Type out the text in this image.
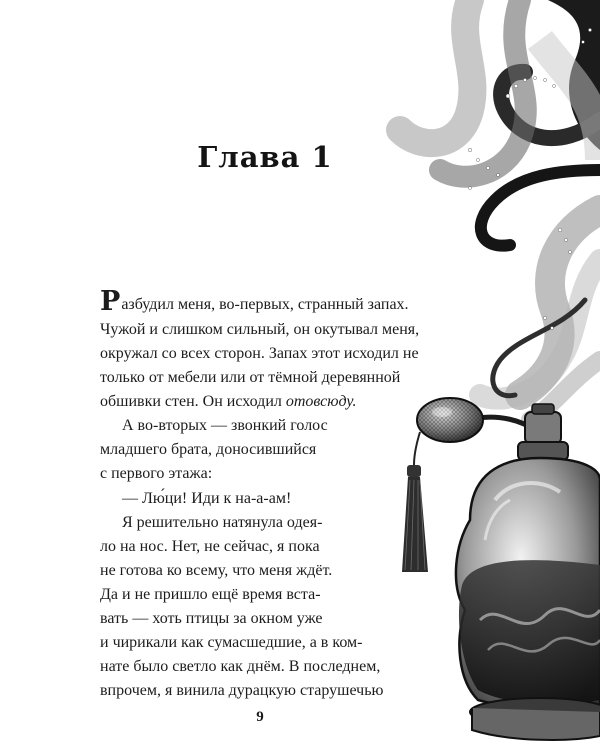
Глава 1
Разбудил меня, во-первых, странный запах.
Чужой и слишком сильный, он окутывал меня,
окружал со всех сторон. Запах этот исходил не
только от мебели или от тёмной деревянной
обшивки стен. Он исходил отовсюду.
А во-вторых — звонкий голос
младшего брата, доносившийся
с первого этажа:
— Лю́ци! Иди к на-а-ам!
Я решительно натянула одея-
ло на нос. Нет, не сейчас, я пока
не готова ко всему, что меня ждёт.
Да и не пришло ещё время вста-
вать — хоть птицы за окном уже
и чирикали как сумасшедшие, а в ком-
нате было светло как днём. В последнем,
впрочем, я винила дурацкую старушечью
9
